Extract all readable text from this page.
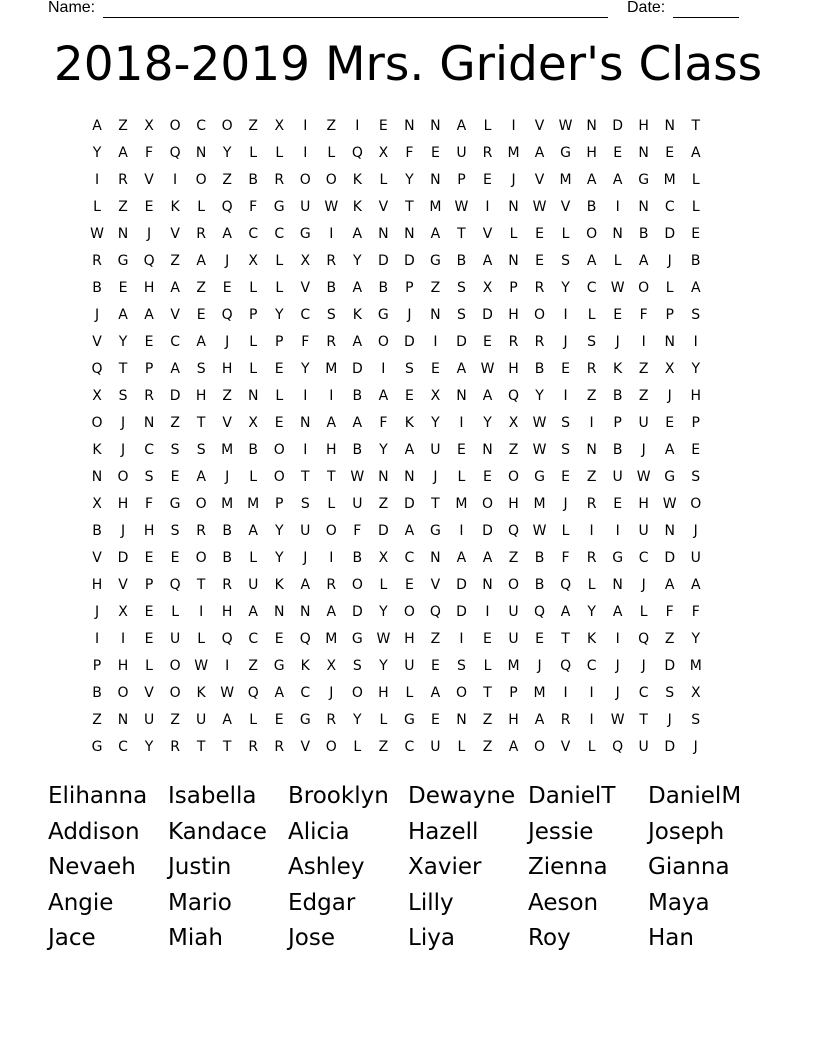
Name:	Date:
2018-2019 Mrs. Grider's Class
A	Z	X	O	C	O	Z	X	I	Z	I	E	N	N	A	L	I	V	W N	D	H	N	T
Y	A	F	Q	N	Y	L	L	I	L	Q	X	F	E	U	R	M	A	G	H	E	N	E	A
I	R	V	I	O	Z	B	R	O	O	K	L	Y	N	P	E	J	V	M	A	A	G	M	L
L	Z	E	K	L	Q	F	G	U W	K	V	T	M W	I	N W	V	B	I	N	C	L
W N	J	V	R	A	C	C	G	I	A	N	N	A	T	V	L	E	L	O	N	B	D	E
R	G	Q	Z	A	J	X	L	X	R	Y	D	D	G	B	A	N	E	S	A	L	A	J	B
B	E	H	A	Z	E	L	L	V	B	A	B	P	Z	S	X	P	R	Y	C	W O	L	A
J	A	A	V	E	Q	P	Y	C	S	K	G	J	N	S	D	H	O	I	L	E	F	P	S
V	Y	E	C	A	J	L	P	F	R	A	O	D	I	D	E	R	R	J	S	J	I	N	I
Q	T	P	A	S	H	L	E	Y	M	D	I	S	E	A	W H	B	E	R	K	Z	X	Y
X	S	R	D	H	Z	N	L	I	I	B	A	E	X	N	A	Q	Y	I	Z	B	Z	J	H
O	J	N	Z	T	V	X	E	N	A	A	F	K	Y	I	Y	X	W	S	I	P	U	E	P
K	J	C	S	S	M	B	O	I	H	B	Y	A	U	E	N	Z	W	S	N	B	J	A	E
N	O	S	E	A	J	L	O	T	T	W N	N	J	L	E	O	G	E	Z	U W G	S
X	H	F	G	O	M M	P	S	L	U	Z	D	T	M	O	H	M	J	R	E	H W O
B	J	H	S	R	B	A	Y	U	O	F	D	A	G	I	D	Q W	L	I	I	U	N	J
V	D	E	E	O	B	L	Y	J	I	B	X	C	N	A	A	Z	B	F	R	G	C	D	U
H	V	P	Q	T	R	U	K	A	R	O	L	E	V	D	N	O	B	Q	L	N	J	A	A
J	X	E	L	I	H	A	N	N	A	D	Y	O	Q	D	I	U	Q	A	Y	A	L	F	F
I	I	E	U	L	Q	C	E	Q	M	G W H	Z	I	E	U	E	T	K	I	Q	Z	Y
P	H	L	O W	I	Z	G	K	X	S	Y	U	E	S	L	M	J	Q	C	J	J	D	M
B	O	V	O	K	W Q	A	C	J	O	H	L	A	O	T	P	M	I	I	J	C	S	X
Z	N	U	Z	U	A	L	E	G	R	Y	L	G	E	N	Z	H	A	R	I	W	T	J	S
G	C	Y	R	T	T	R	R	V	O	L	Z	C	U	L	Z	A	O	V	L	Q	U	D	J
Elihanna Isabella	Brooklyn Dewayne DanielT	DanielM
Addison	Kandace Alicia	Hazell	Jessie	Joseph
Nevaeh	Justin	Ashley	Xavier	Zienna	Gianna
Angie	Mario	Edgar	Lilly	Aeson	Maya
Jace	Miah	Jose	Liya	Roy	Han
